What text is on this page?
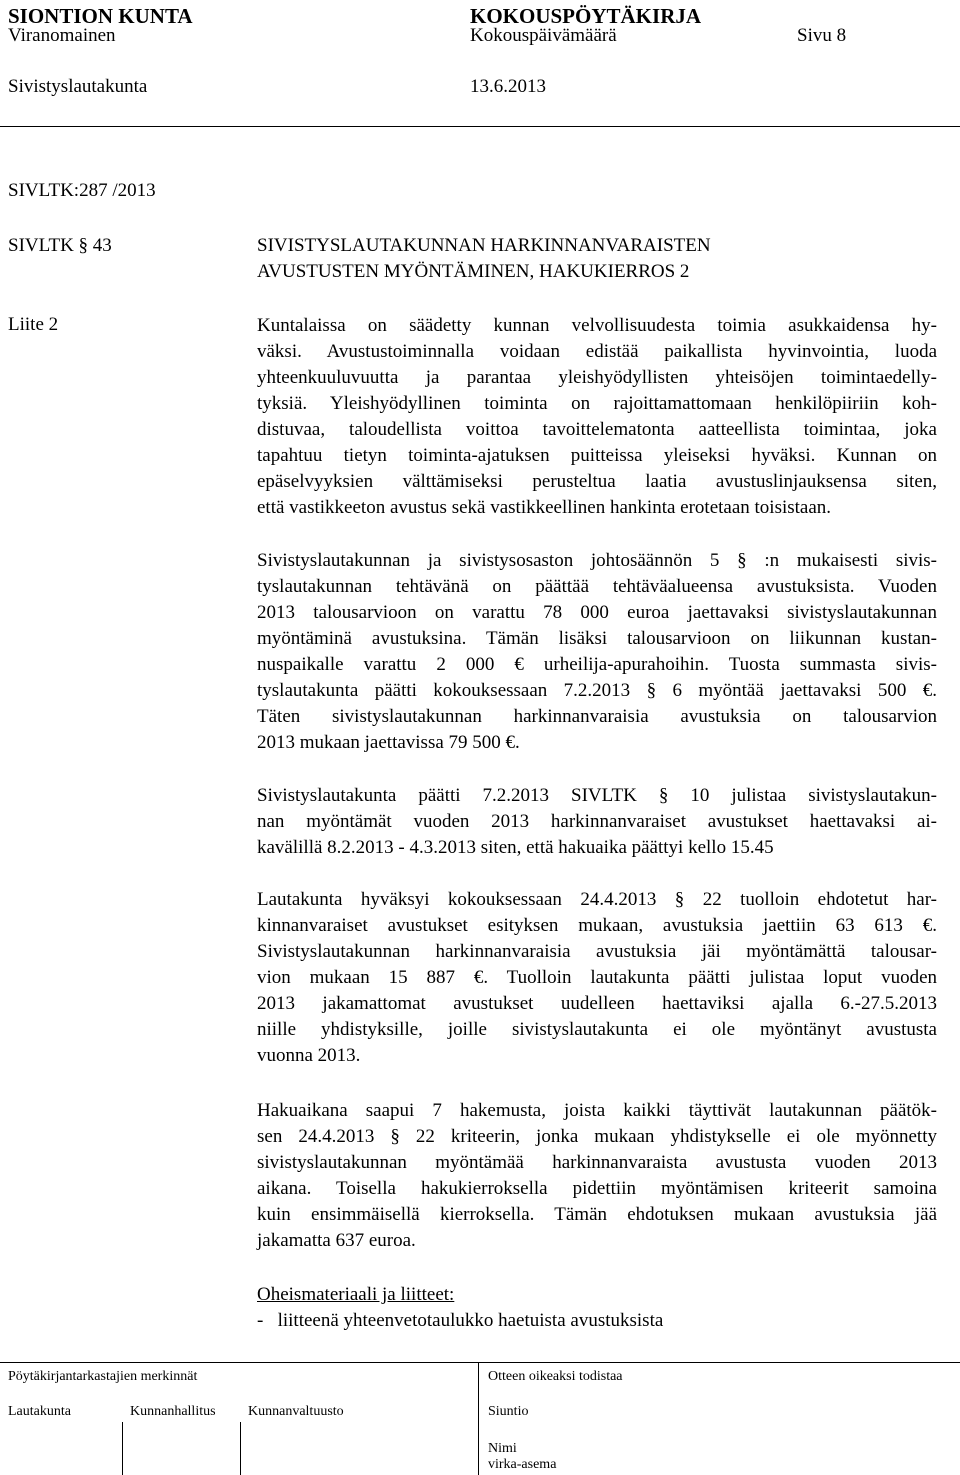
SIONTION KUNTA	KOKOUSPÖYTÄKIRJA
Viranomainen	Kokouspäivämäärä	Sivu 8
Sivistyslautakunta	13.6.2013
SIVLTK:287 /2013
SIVLTK § 43	SIVISTYSLAUTAKUNNAN HARKINNANVARAISTEN
AVUSTUSTEN MYÖNTÄMINEN, HAKUKIERROS 2
Liite 2	Kuntalaissa on säädetty kunnan velvollisuudesta toimia asukkaidensa hy-
väksi. Avustustoiminnalla voidaan edistää paikallista hyvinvointia, luoda
yhteenkuuluvuutta ja parantaa yleishyödyllisten yhteisöjen toimintaedelly-
tyksiä. Yleishyödyllinen toiminta on rajoittamattomaan henkilöpiiriin koh-
distuvaa, taloudellista voittoa tavoittelematonta aatteellista toimintaa, joka
tapahtuu tietyn toiminta-ajatuksen puitteissa yleiseksi hyväksi. Kunnan on
epäselvyyksien välttämiseksi perusteltua laatia avustuslinjauksensa siten,
että vastikkeeton avustus sekä vastikkeellinen hankinta erotetaan toisistaan.
Sivistyslautakunnan ja sivistysosaston johtosäännön 5 § :n mukaisesti sivis-
tyslautakunnan tehtävänä on päättää tehtäväalueensa avustuksista. Vuoden
2013 talousarvioon on varattu 78 000 euroa jaettavaksi sivistyslautakunnan
myöntäminä avustuksina. Tämän lisäksi talousarvioon on liikunnan kustan-
nuspaikalle varattu 2 000 € urheilija-apurahoihin. Tuosta summasta sivis-
tyslautakunta päätti kokouksessaan 7.2.2013 § 6 myöntää jaettavaksi 500 €.
Täten sivistyslautakunnan harkinnanvaraisia avustuksia on talousarvion
2013 mukaan jaettavissa 79 500 €.
Sivistyslautakunta päätti 7.2.2013 SIVLTK § 10 julistaa sivistyslautakun-
nan myöntämät vuoden 2013 harkinnanvaraiset avustukset haettavaksi ai-
kavälillä 8.2.2013 - 4.3.2013 siten, että hakuaika päättyi kello 15.45
Lautakunta hyväksyi kokouksessaan 24.4.2013 § 22 tuolloin ehdotetut har-
kinnanvaraiset avustukset esityksen mukaan, avustuksia jaettiin 63 613 €.
Sivistyslautakunnan harkinnanvaraisia avustuksia jäi myöntämättä talousar-
vion mukaan 15 887 €. Tuolloin lautakunta päätti julistaa loput vuoden
2013 jakamattomat avustukset uudelleen haettaviksi ajalla 6.-27.5.2013
niille yhdistyksille, joille sivistyslautakunta ei ole myöntänyt avustusta
vuonna 2013.
Hakuaikana saapui 7 hakemusta, joista kaikki täyttivät lautakunnan päätök-
sen 24.4.2013 § 22 kriteerin, jonka mukaan yhdistykselle ei ole myönnetty
sivistyslautakunnan myöntämää harkinnanvaraista avustusta vuoden 2013
aikana. Toisella hakukierroksella pidettiin myöntämisen kriteerit samoina
kuin ensimmäisellä kierroksella. Tämän ehdotuksen mukaan avustuksia jää
jakamatta 637 euroa.
Oheismateriaali ja liitteet:
-   liitteenä yhteenvetotaulukko haetuista avustuksista
Pöytäkirjantarkastajien merkinnät	Otteen oikeaksi todistaa
Lautakunta	Kunnanhallitus Kunnanvaltuusto	Siuntio
Nimi
virka-asema
